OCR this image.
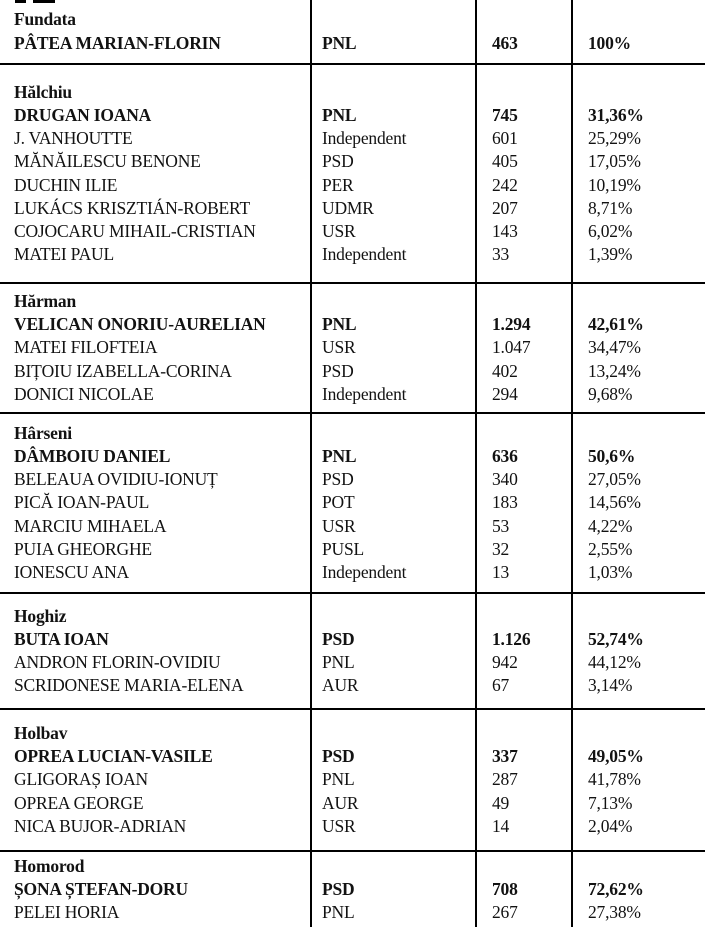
Fundata
PÂTEA MARIAN-FLORIN	PNL	463	100%
Hălchiu
DRUGAN IOANA	PNL	745	31,36%
J. VANHOUTTE	Independent	601	25,29%
MĂNĂILESCU BENONE	PSD	405	17,05%
DUCHIN ILIE	PER	242	10,19%
LUKÁCS KRISZTIÁN-ROBERT	UDMR	207	8,71%
COJOCARU MIHAIL-CRISTIAN	USR	143	6,02%
MATEI PAUL	Independent	33	1,39%
Hărman
VELICAN ONORIU-AURELIAN	PNL	1.294	42,61%
MATEI FILOFTEIA	USR	1.047	34,47%
BIȚOIU IZABELLA-CORINA	PSD	402	13,24%
DONICI NICOLAE	Independent	294	9,68%
Hârseni
DÂMBOIU DANIEL	PNL	636	50,6%
BELEAUA OVIDIU-IONUȚ	PSD	340	27,05%
PICĂ IOAN-PAUL	POT	183	14,56%
MARCIU MIHAELA	USR	53	4,22%
PUIA GHEORGHE	PUSL	32	2,55%
IONESCU ANA	Independent	13	1,03%
Hoghiz
BUTA IOAN	PSD	1.126	52,74%
ANDRON FLORIN-OVIDIU	PNL	942	44,12%
SCRIDONESE MARIA-ELENA	AUR	67	3,14%
Holbav
OPREA LUCIAN-VASILE	PSD	337	49,05%
GLIGORAȘ IOAN	PNL	287	41,78%
OPREA GEORGE	AUR	49	7,13%
NICA BUJOR-ADRIAN	USR	14	2,04%
Homorod
ȘONA ȘTEFAN-DORU	PSD	708	72,62%
PELEI HORIA	PNL	267	27,38%
